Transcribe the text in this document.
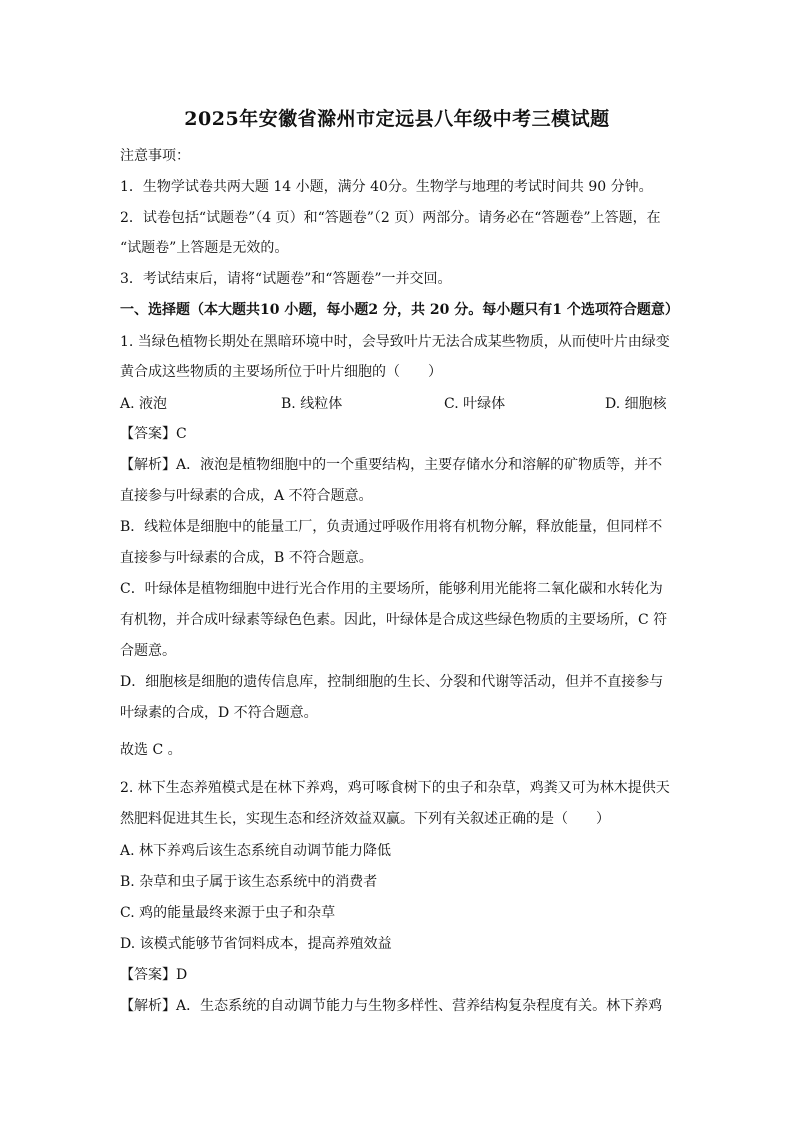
2025年安徽省滁州市定远县八年级中考三模试题
注意事项：
1．生物学试卷共两大题 14 小题，满分 40分。生物学与地理的考试时间共 90 分钟。
2．试卷包括“试题卷”（4 页）和“答题卷”（2 页）两部分。请务必在“答题卷”上答题，在
“试题卷”上答题是无效的。
3．考试结束后，请将“试题卷”和“答题卷”一并交回。
一、选择题（本大题共10 小题，每小题2 分，共 20 分。每小题只有1 个选项符合题意）
1. 当绿色植物长期处在黑暗环境中时，会导致叶片无法合成某些物质，从而使叶片由绿变
黄合成这些物质的主要场所位于叶片细胞的（　　）
A. 液泡	B. 线粒体	C. 叶绿体	D. 细胞核
【答案】C
【解析】A．液泡是植物细胞中的一个重要结构，主要存储水分和溶解的矿物质等，并不
直接参与叶绿素的合成，A 不符合题意。
B．线粒体是细胞中的能量工厂，负责通过呼吸作用将有机物分解，释放能量，但同样不
直接参与叶绿素的合成，B 不符合题意。
C．叶绿体是植物细胞中进行光合作用的主要场所，能够利用光能将二氧化碳和水转化为
有机物，并合成叶绿素等绿色色素。因此，叶绿体是合成这些绿色物质的主要场所，C 符
合题意。
D．细胞核是细胞的遗传信息库，控制细胞的生长、分裂和代谢等活动，但并不直接参与
叶绿素的合成，D 不符合题意。
故选 C 。
2. 林下生态养殖模式是在林下养鸡，鸡可啄食树下的虫子和杂草，鸡粪又可为林木提供天
然肥料促进其生长，实现生态和经济效益双赢。下列有关叙述正确的是（　　）
A. 林下养鸡后该生态系统自动调节能力降低
B. 杂草和虫子属于该生态系统中的消费者
C. 鸡的能量最终来源于虫子和杂草
D. 该模式能够节省饲料成本，提高养殖效益
【答案】D
【解析】A．生态系统的自动调节能力与生物多样性、营养结构复杂程度有关。林下养鸡
